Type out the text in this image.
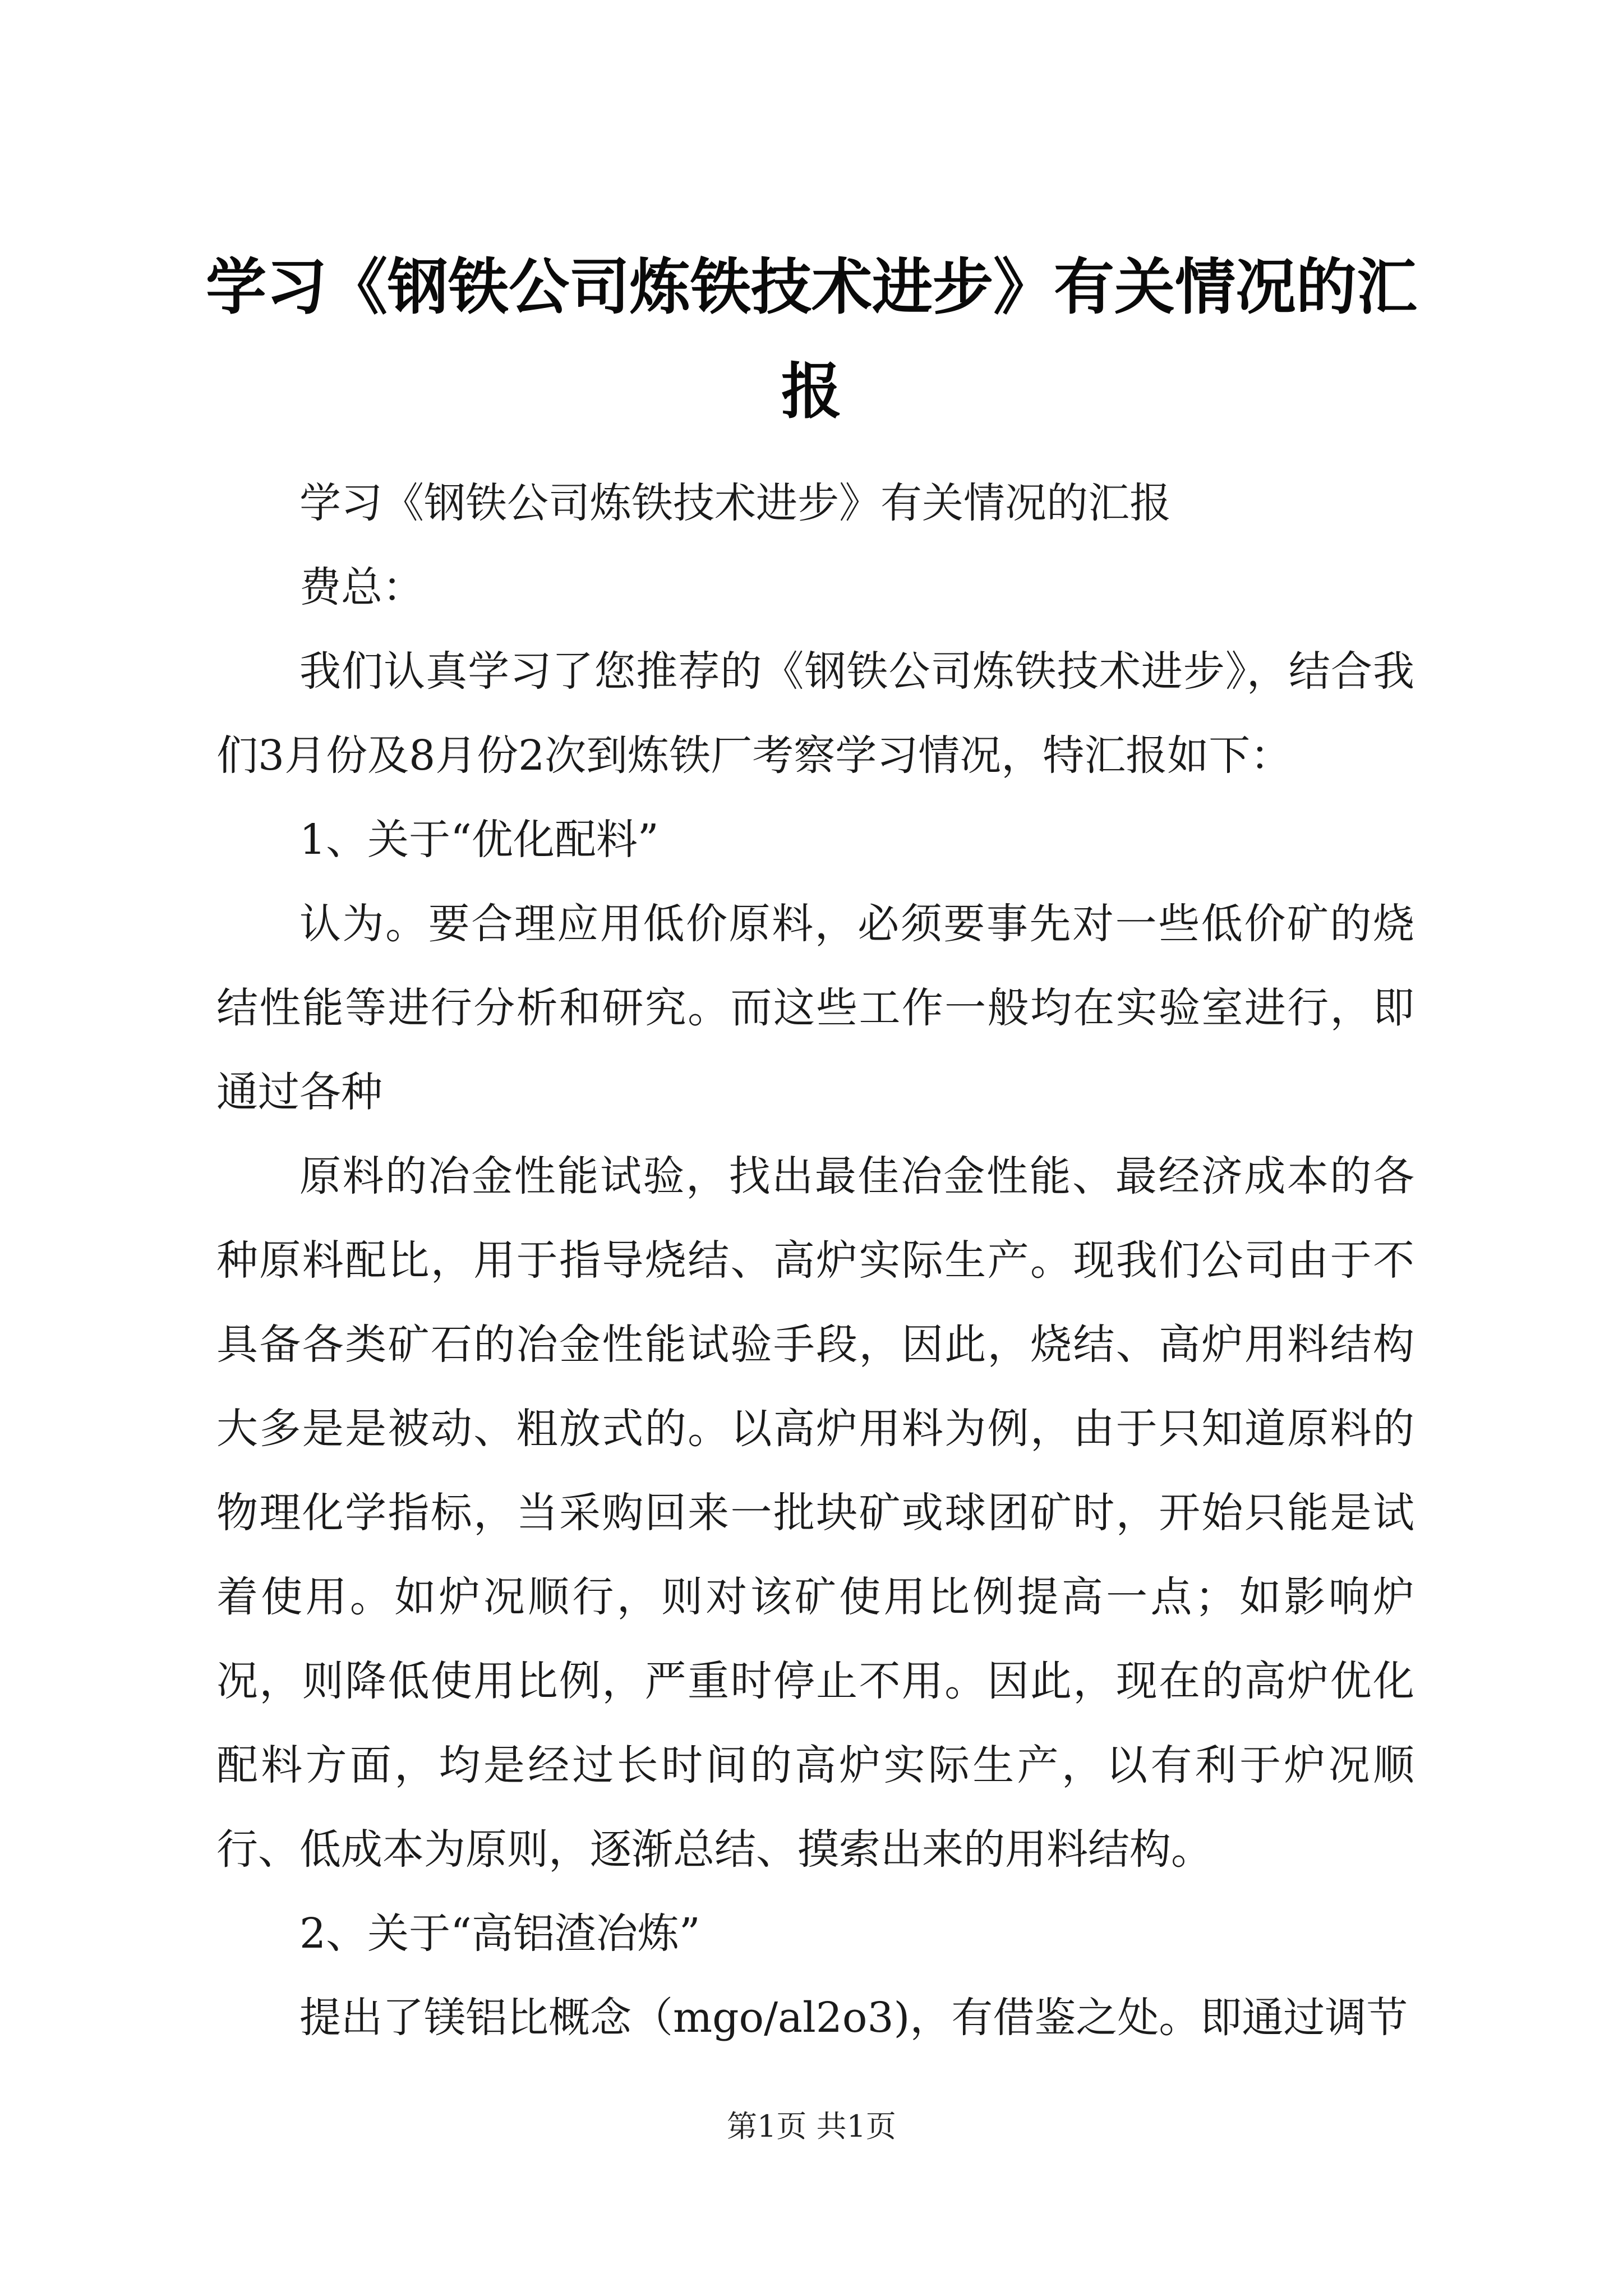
学习《钢铁公司炼铁技术进步》有关情况的汇报

学习《钢铁公司炼铁技术进步》有关情况的汇报

费总：

我们认真学习了您推荐的《钢铁公司炼铁技术进步》，结合我们3月份及8月份2次到炼铁厂考察学习情况，特汇报如下：

1、关于“优化配料”

认为。要合理应用低价原料，必须要事先对一些低价矿的烧结性能等进行分析和研究。而这些工作一般均在实验室进行，即通过各种

原料的冶金性能试验，找出最佳冶金性能、最经济成本的各种原料配比，用于指导烧结、高炉实际生产。现我们公司由于不具备各类矿石的冶金性能试验手段，因此，烧结、高炉用料结构大多是是被动、粗放式的。以高炉用料为例，由于只知道原料的物理化学指标，当采购回来一批块矿或球团矿时，开始只能是试着使用。如炉况顺行，则对该矿使用比例提高一点；如影响炉况，则降低使用比例，严重时停止不用。因此，现在的高炉优化配料方面，均是经过长时间的高炉实际生产，以有利于炉况顺行、低成本为原则，逐渐总结、摸索出来的用料结构。

2、关于“高铝渣冶炼”

提出了镁铝比概念（mgo/al2o3)，有借鉴之处。即通过调节

第1页 共1页
